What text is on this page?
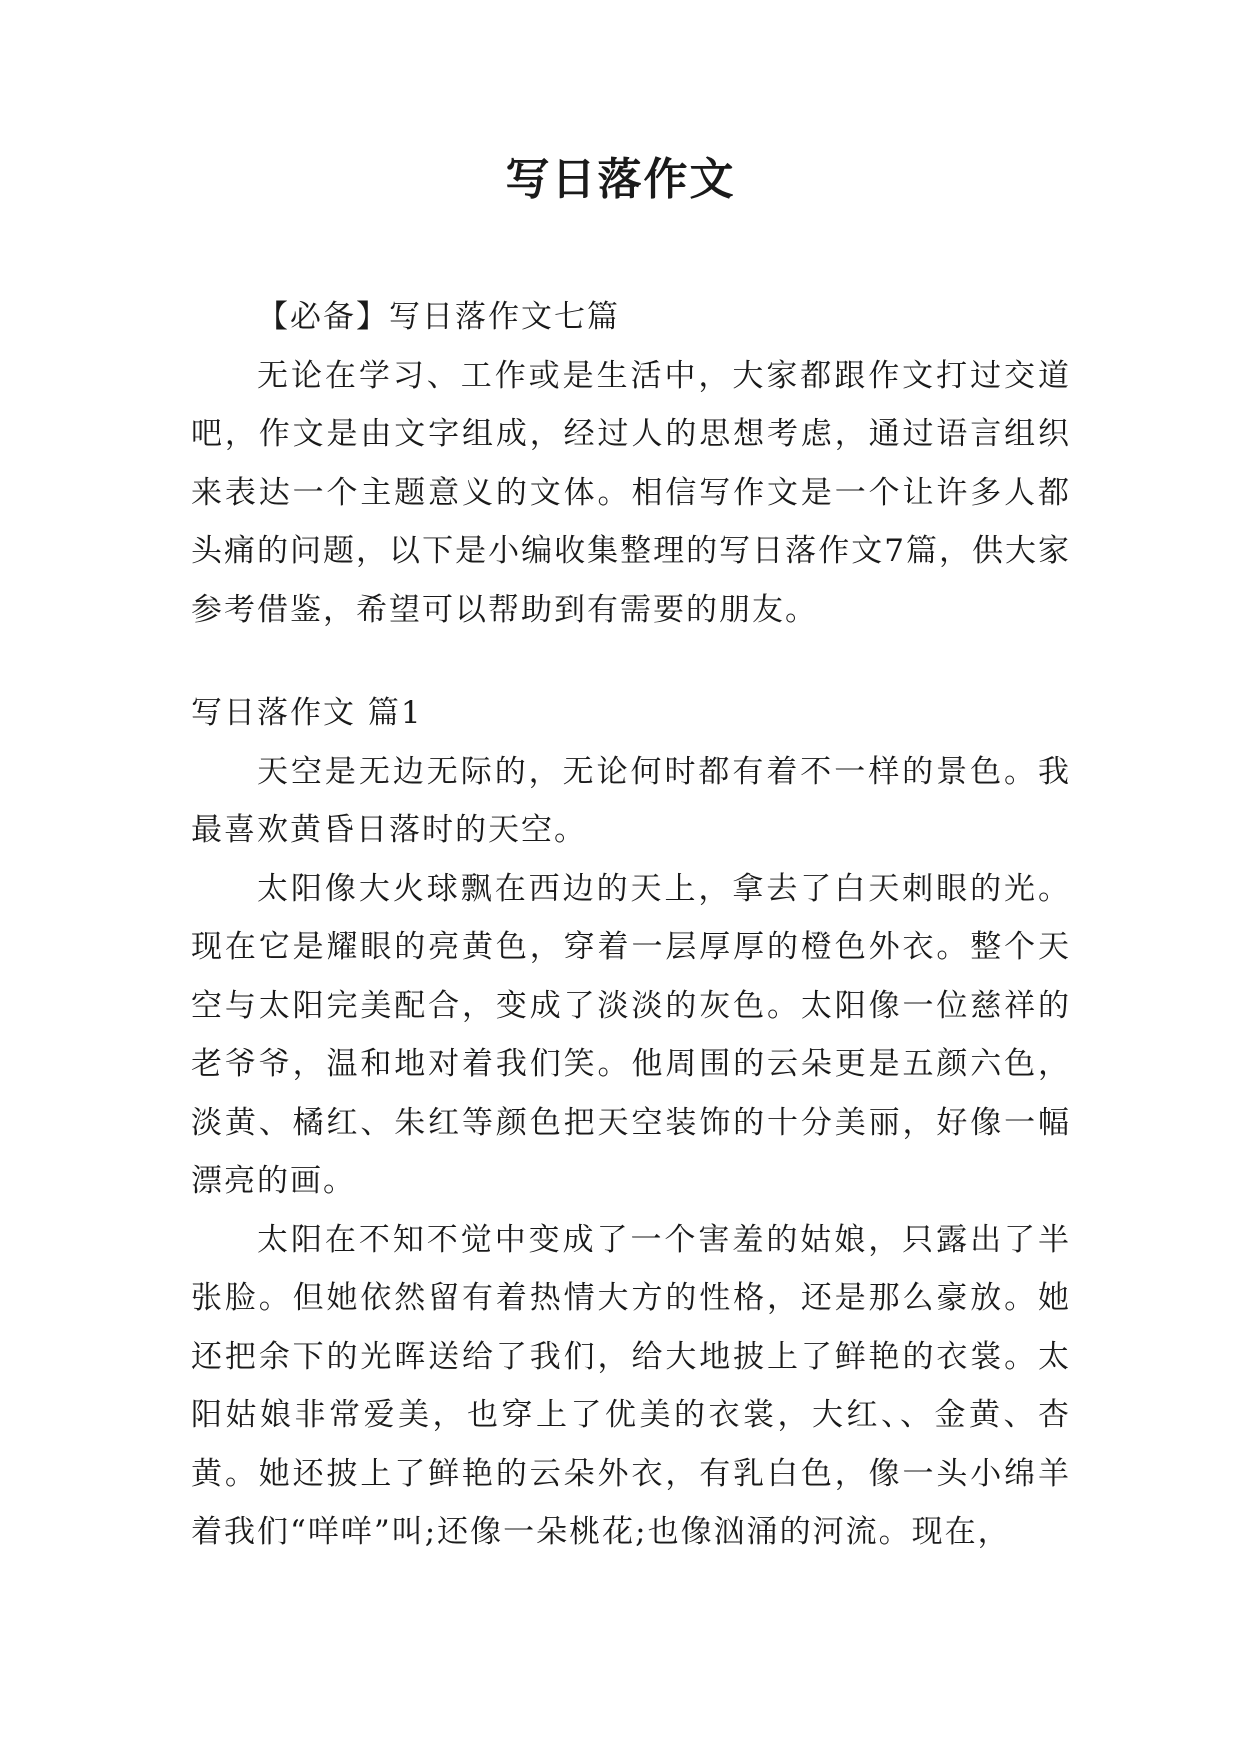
写日落作文

【必备】写日落作文七篇

无论在学习、工作或是生活中，大家都跟作文打过交道吧，作文是由文字组成，经过人的思想考虑，通过语言组织来表达一个主题意义的文体。相信写作文是一个让许多人都头痛的问题，以下是小编收集整理的写日落作文7篇，供大家参考借鉴，希望可以帮助到有需要的朋友。

写日落作文 篇1

天空是无边无际的，无论何时都有着不一样的景色。我最喜欢黄昏日落时的天空。

太阳像大火球飘在西边的天上，拿去了白天刺眼的光。现在它是耀眼的亮黄色，穿着一层厚厚的橙色外衣。整个天空与太阳完美配合，变成了淡淡的灰色。太阳像一位慈祥的老爷爷，温和地对着我们笑。他周围的云朵更是五颜六色，淡黄、橘红、朱红等颜色把天空装饰的十分美丽，好像一幅漂亮的画。

太阳在不知不觉中变成了一个害羞的姑娘，只露出了半张脸。但她依然留有着热情大方的性格，还是那么豪放。她还把余下的光晖送给了我们，给大地披上了鲜艳的衣裳。太阳姑娘非常爱美，也穿上了优美的衣裳，大红、、金黄、杏黄。她还披上了鲜艳的云朵外衣，有乳白色，像一头小绵羊着我们“咩咩”叫;还像一朵桃花;也像汹涌的河流。现在，
